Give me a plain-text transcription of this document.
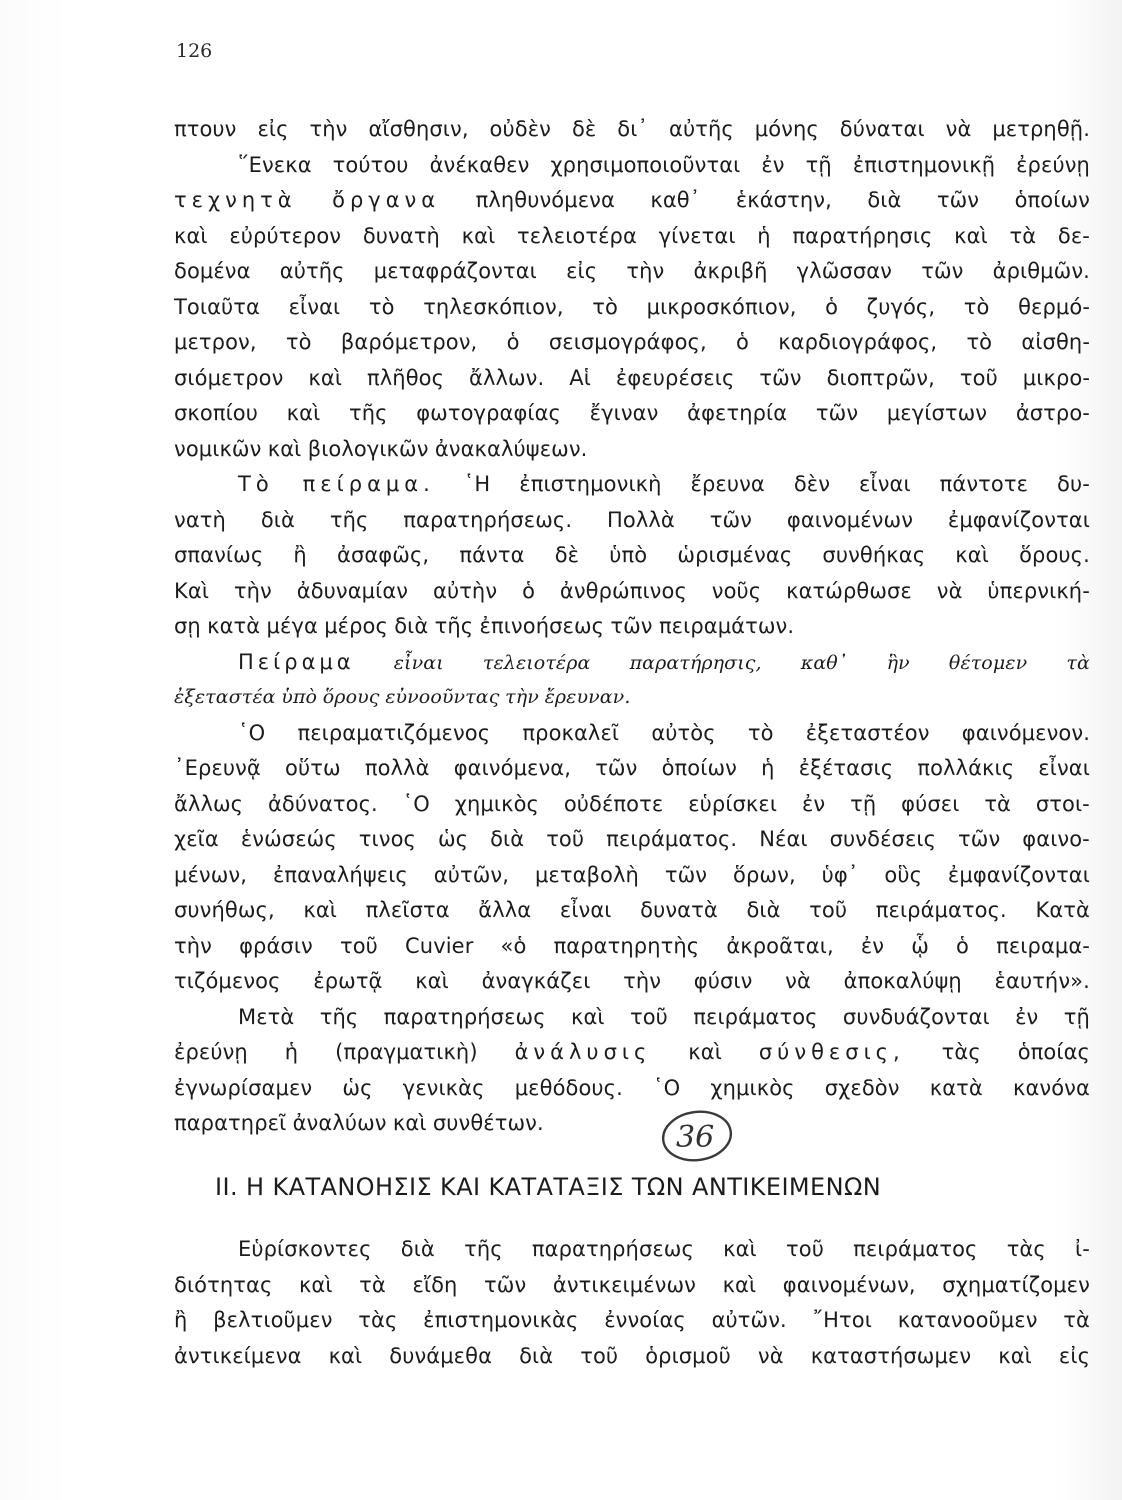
126
πτουν εἰς τὴν αἴσθησιν, οὐδὲν δὲ δι᾿ αὐτῆς μόνης δύναται νὰ μετρηθῇ.
῞Ενεκα τούτου ἀνέκαθεν χρησιμοποιοῦνται ἐν τῇ ἐπιστημονικῇ ἐρεύνῃ
τεχνητὰ ὄργανα πληθυνόμενα καθ᾿ ἑκάστην, διὰ τῶν ὁποίων
καὶ εὐρύτερον δυνατὴ καὶ τελειοτέρα γίνεται ἡ παρατήρησις καὶ τὰ δε-
δομένα αὐτῆς μεταφράζονται εἰς τὴν ἀκριβῆ γλῶσσαν τῶν ἀριθμῶν.
Τοιαῦτα εἶναι τὸ τηλεσκόπιον, τὸ μικροσκόπιον, ὁ ζυγός, τὸ θερμό-
μετρον, τὸ βαρόμετρον, ὁ σεισμογράφος, ὁ καρδιογράφος, τὸ αἰσθη-
σιόμετρον καὶ πλῆθος ἄλλων. Αἱ ἐφευρέσεις τῶν διοπτρῶν, τοῦ μικρο-
σκοπίου καὶ τῆς φωτογραφίας ἔγιναν ἀφετηρία τῶν μεγίστων ἀστρο-
νομικῶν καὶ βιολογικῶν ἀνακαλύψεων.
Τὸ πείραμα. ῾Η ἐπιστημονικὴ ἔρευνα δὲν εἶναι πάντοτε δυ-
νατὴ διὰ τῆς παρατηρήσεως. Πολλὰ τῶν φαινομένων ἐμφανίζονται
σπανίως ἢ ἀσαφῶς, πάντα δὲ ὑπὸ ὡρισμένας συνθήκας καὶ ὅρους.
Καὶ τὴν ἀδυναμίαν αὐτὴν ὁ ἀνθρώπινος νοῦς κατώρθωσε νὰ ὑπερνική-
σῃ κατὰ μέγα μέρος διὰ τῆς ἐπινοήσεως τῶν πειραμάτων.
Πείραμα εἶναι τελειοτέρα παρατήρησις, καθ᾿ ἣν θέτομεν τὰ
ἐξεταστέα ὑπὸ ὅρους εὐνοοῦντας τὴν ἔρευναν.
῾Ο πειραματιζόμενος προκαλεῖ αὐτὸς τὸ ἐξεταστέον φαινόμενον.
᾿Ερευνᾷ οὕτω πολλὰ φαινόμενα, τῶν ὁποίων ἡ ἐξέτασις πολλάκις εἶναι
ἄλλως ἀδύνατος. ῾Ο χημικὸς οὐδέποτε εὑρίσκει ἐν τῇ φύσει τὰ στοι-
χεῖα ἑνώσεώς τινος ὡς διὰ τοῦ πειράματος. Νέαι συνδέσεις τῶν φαινο-
μένων, ἐπαναλήψεις αὐτῶν, μεταβολὴ τῶν ὅρων, ὑφ᾿ οὓς ἐμφανίζονται
συνήθως, καὶ πλεῖστα ἄλλα εἶναι δυνατὰ διὰ τοῦ πειράματος. Κατὰ
τὴν φράσιν τοῦ Cuvier «ὁ παρατηρητὴς ἀκροᾶται, ἐν ᾧ ὁ πειραμα-
τιζόμενος ἐρωτᾷ καὶ ἀναγκάζει τὴν φύσιν νὰ ἀποκαλύψῃ ἑαυτήν».
Μετὰ τῆς παρατηρήσεως καὶ τοῦ πειράματος συνδυάζονται ἐν τῇ
ἐρεύνῃ ἡ (πραγματικὴ) ἀνάλυσις καὶ σύνθεσις, τὰς ὁποίας
ἐγνωρίσαμεν ὡς γενικὰς μεθόδους. ῾Ο χημικὸς σχεδὸν κατὰ κανόνα
παρατηρεῖ ἀναλύων καὶ συνθέτων.	36
II. Η ΚΑΤΑΝΟΗΣΙΣ ΚΑΙ ΚΑΤΑΤΑΞΙΣ ΤΩΝ ΑΝΤΙΚΕΙΜΕΝΩΝ
Εὑρίσκοντες διὰ τῆς παρατηρήσεως καὶ τοῦ πειράματος τὰς ἰ-
διότητας καὶ τὰ εἴδη τῶν ἀντικειμένων καὶ φαινομένων, σχηματίζομεν
ἢ βελτιοῦμεν τὰς ἐπιστημονικὰς ἐννοίας αὐτῶν. ῎Ητοι κατανοοῦμεν τὰ
ἀντικείμενα καὶ δυνάμεθα διὰ τοῦ ὁρισμοῦ νὰ καταστήσωμεν καὶ εἰς
